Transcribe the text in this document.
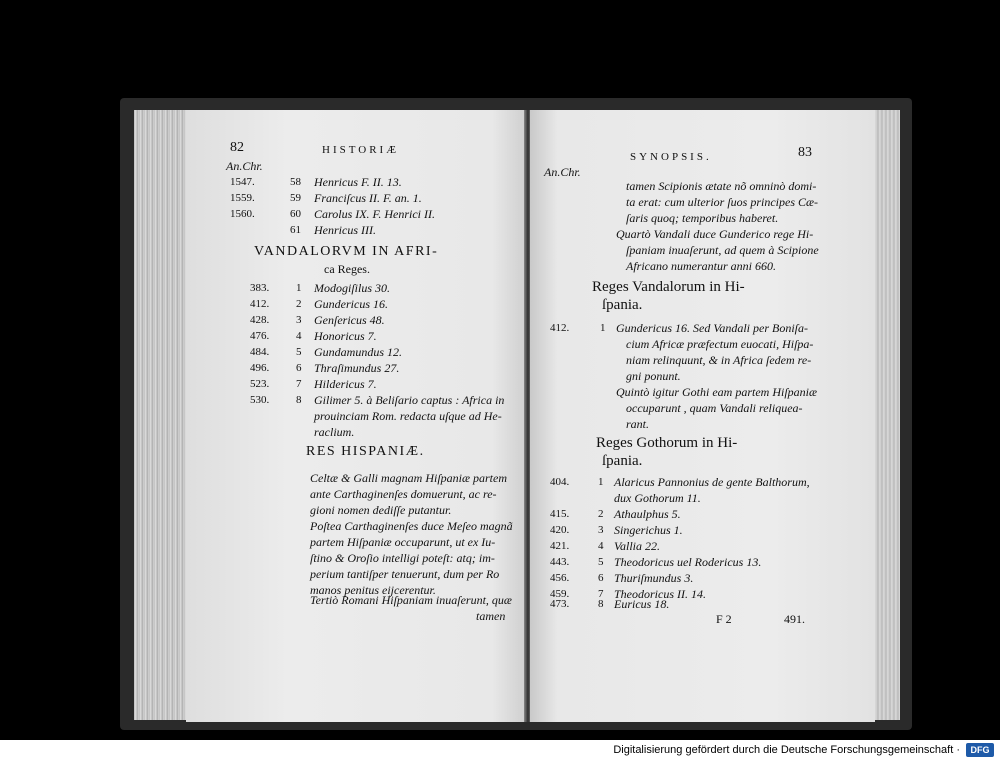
82	HISTORIÆ
An.Chr.
1547.	58 Henricus F. II. 13.
1559.	59 Franciſcus II. F. an. 1.
1560.	60 Carolus IX. F. Henrici II.
61 Henricus III.
VANDALORVM IN AFRI-
ca Reges.
383. 1 Modogiſilus 30.
412. 2 Gundericus 16.
428. 3 Genſericus 48.
476. 4 Honoricus 7.
484. 5 Gundamundus 12.
496. 6 Thraſimundus 27.
523. 7 Hildericus 7.
530. 8 Gilimer 5. à Beliſario captus : Africa in
prouinciam Rom. redacta uſque ad He-
raclium.
RES HISPANIÆ.
Celtæ & Galli magnam Hiſpaniæ partem
ante Carthaginenſes domuerunt, ac re-
gioni nomen dediſſe putantur.
Poſtea Carthaginenſes duce Meſeo magnã
partem Hiſpaniæ occuparunt, ut ex Iu-
ſtino & Oroſio intelligi poteſt: atq; im-
perium tantiſper tenuerunt, dum per Ro
manos penitus eijcerentur.
Tertiò Romani Hiſpaniam inuaſerunt, quæ
tamen
SYNOPSIS.	83
An.Chr.
tamen Scipionis ætate nõ omninò domi-
ta erat: cum ulterior ſuos principes Cæ-
ſaris quoq; temporibus haberet.
Quartò Vandali duce Gunderico rege Hi-
ſpaniam inuaſerunt, ad quem à Scipione
Africano numerantur anni 660.
Reges Vandalorum in Hi-
ſpania.
412.	1 Gundericus 16. Sed Vandali per Boniſa-
cium Africæ præfectum euocati, Hiſpa-
niam relinquunt, & in Africa ſedem re-
gni ponunt.
Quintò igitur Gothi eam partem Hiſpaniæ
occuparunt , quam Vandali reliquea-
rant.
Reges Gothorum in Hi-
ſpania.
404.	1 Alaricus Pannonius de gente Balthorum,
dux Gothorum 11.
415.	2 Athaulphus 5.
420.	3 Singerichus 1.
421.	4 Vallia 22.
443.	5 Theodoricus uel Rodericus 13.
456.	6 Thuriſmundus 3.
459.	7 Theodoricus II. 14.
473.	8 Euricus 18.
F 2	491.
Digitalisierung gefördert durch die Deutsche Forschungsgemeinschaft ·	DFG
